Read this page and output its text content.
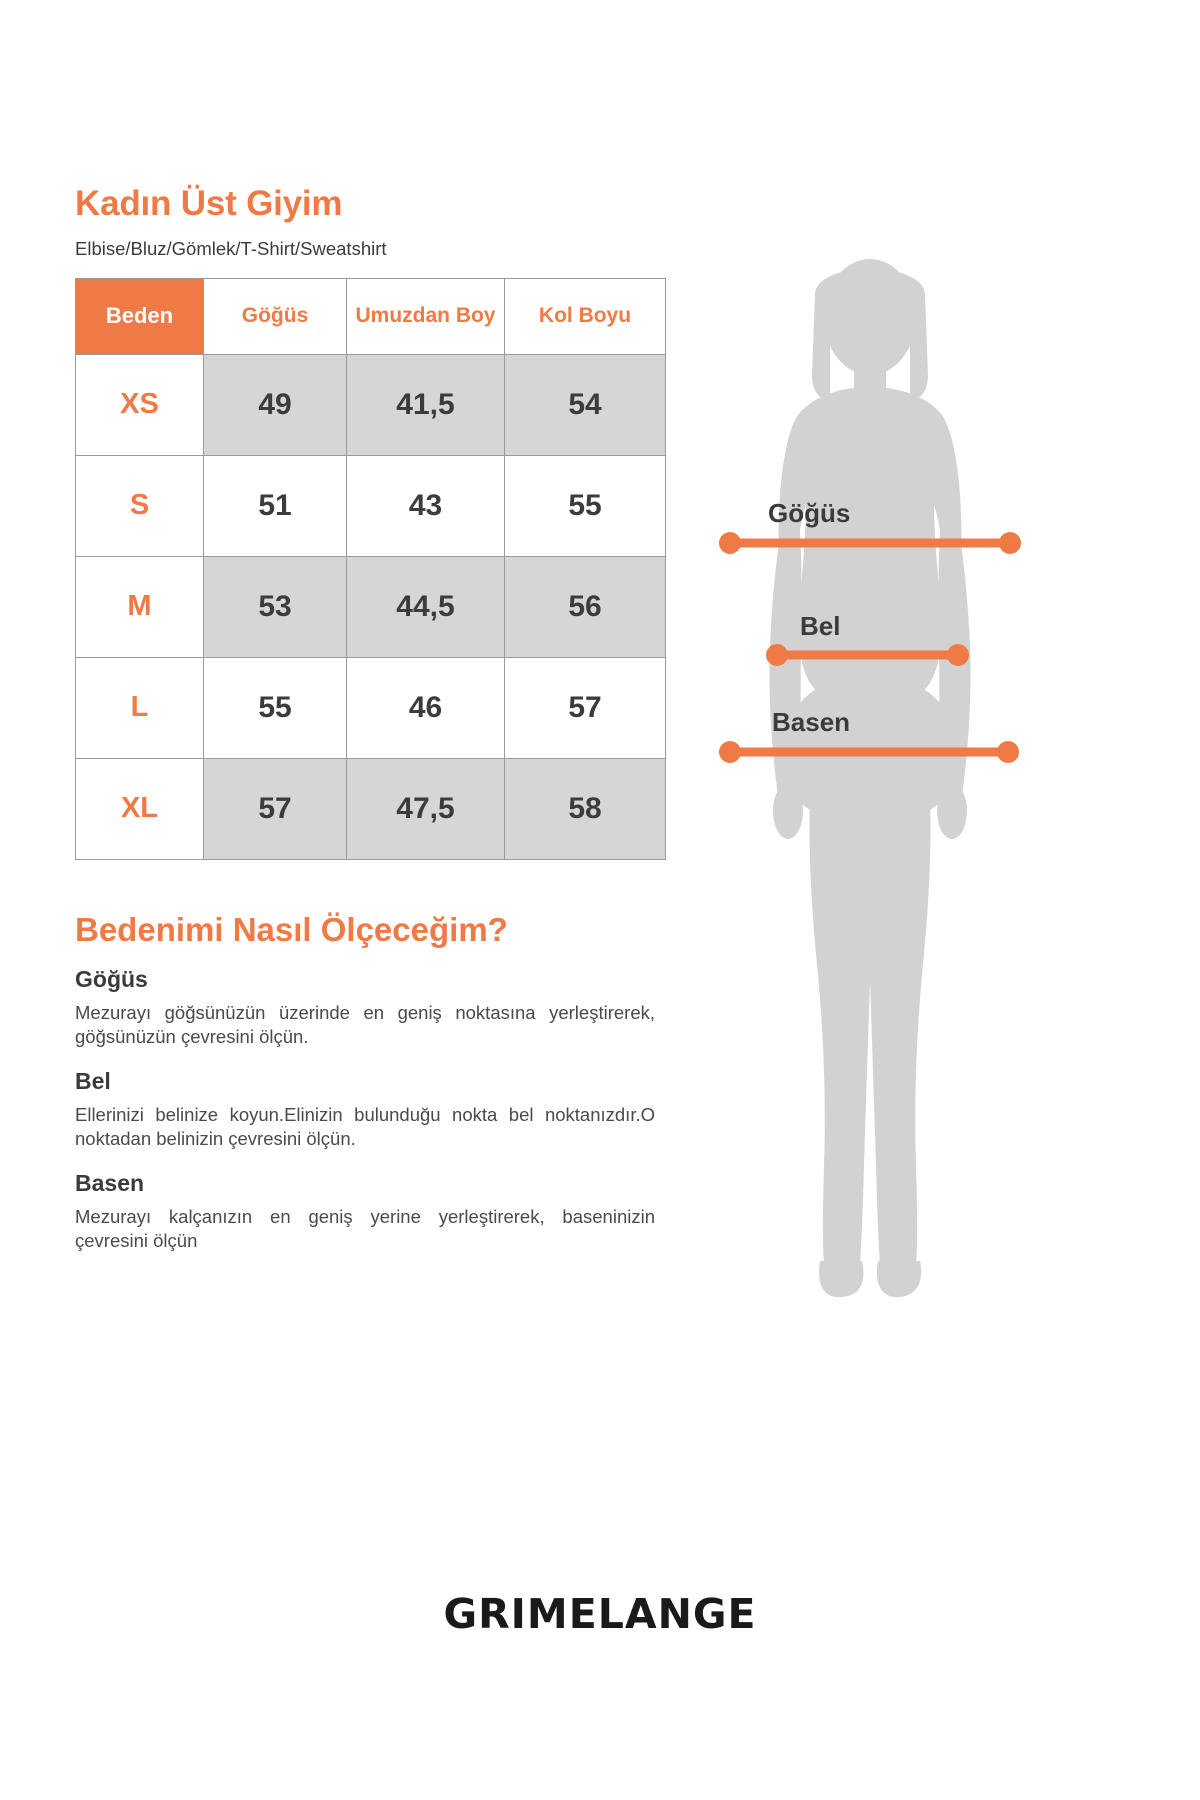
Kadın Üst Giyim
Elbise/Bluz/Gömlek/T-Shirt/Sweatshirt
Beden	Göğüs	Umuzdan Boy	Kol Boyu
XS	49	41,5	54
S	51	43	55
M	53	44,5	56
L	55	46	57
XL	57	47,5	58
Bedenimi Nasıl Ölçeceğim?
Göğüs

Mezurayı göğsünüzün üzerinde en geniş noktasına yerleştirerek, göğsünüzün çevresini ölçün.

Bel

Ellerinizi belinize koyun.Elinizin bulunduğu nokta bel noktanızdır.O noktadan belinizin çevresini ölçün.

Basen

Mezurayı kalçanızın en geniş yerine yerleştirerek, baseninizin çevresini ölçün

Göğüs
Bel
Basen
GRIMELANGE
